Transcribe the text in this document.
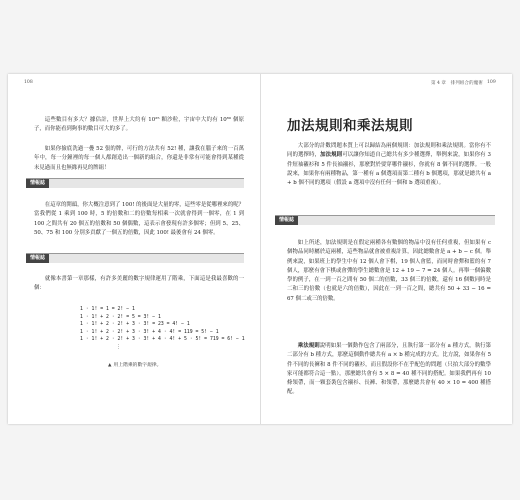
108

這些數目有多大？據估計，世界上大約有 10²⁵ 顆沙粒，宇宙中大約有 10⁸⁰ 個原子，而你能看到夠事的數目可大的多了。

如果你撿底洗過一疊 52 張的牌，可行的方法共有 52! 種，讓我在腦子來的一百萬年中，每一分鐘裡的每一個人都創造出一個新的組合，你還是非常有可能會得到某種從未見過而且也無緣再見的牌組！

情報誌

在這章的開頭，你大概注意到了 100! 的後面是大量的零，這些零是從哪裡來的呢？當我們從 1 乘到 100 時，5 的倍數和二的倍數每相乘一次就會得到一個零，在 1 到 100 之間共有 20 個五的倍數和 50 個偶數，這表示會發現有許多個零；但到 5、25、50、75 和 100 分別多貢獻了一個五的倍數，因此 100! 最後會有 24 個零。

情報誌

就像本書第一章那樣，有許多美麗的數字規律運用了階乘，下面這是我最喜歡的一個：

1 · 1! = 1 = 2! − 1
1 · 1! + 2 · 2! = 5 = 3! − 1
1 · 1! + 2 · 2! + 3 · 3! = 23 = 4! − 1
1 · 1! + 2 · 2! + 3 · 3! + 4 · 4! = 119 = 5! − 1
1 · 1! + 2 · 2! + 3 · 3! + 4 · 4! + 5 · 5! = 719 = 6! − 1
⋮
▲ 用上階乘的數字規律。
第 4 章　排列組合的魔術 109
加法規則和乘法規則

大部分的計數問題本質上可以歸結為兩個規則：加法規則和乘法規則。當你有不同的選擇時，加法規則可以讓你知道自己總共有多少種選擇，舉例來說，如果你有 3 件短袖襯衫和 5 件長袖襯衫，那麼對於要穿哪件襯衫，你就有 8 個不同的選擇。一般說來，如果你有兩種物品，第一種有 a 個選項而第二種有 b 個選項，那就是總共有 a + b 個不同的選項（假設 a 選項中沒有任何一個和 b 選項重複）。

情報誌

如上所述，加法規則是在假定兩種各有數個的物品中沒有任何重複，但如果有 c 個物品同時屬於這兩種，這些物品就會被重複計算，因此總數會是 a + b − c 個。舉例來說，如果班上的學生中有 12 個人會下棋，19 個人會籃，而同時會彈和籃的有 7 個人，那麼有會下棋或會彈的學生總數會是 12 + 19 − 7 = 24 個人。再舉一個偏數學的例子，在一到一百之間有 50 個二的倍數，33 個三的倍數，還有 16 個數同時是二和三的倍數（也就是六的倍數），因此在一到一百之間，總共有 50 + 33 − 16 = 67 個二或三的倍數。

乘法規則說明如果一個動作包含了兩部分，且執行第一部分有 a 種方式，執行第二部分有 b 種方式，那麼這個動作總共有 a × b 種完成的方式。比方說，如果你有 5 件不同的長褲和 8 件不同的襯衫，而且假設你不在乎配色的問題（只拍大部分的數學家可能都符合這一點），那麼總共會有 5 × 8 = 40 種不同的搭配。如果我們再有 10 條領帶，而一顆套裝包含襯衫、長褲、和領帶，那麼總共會有 40 × 10 = 400 種搭配。
